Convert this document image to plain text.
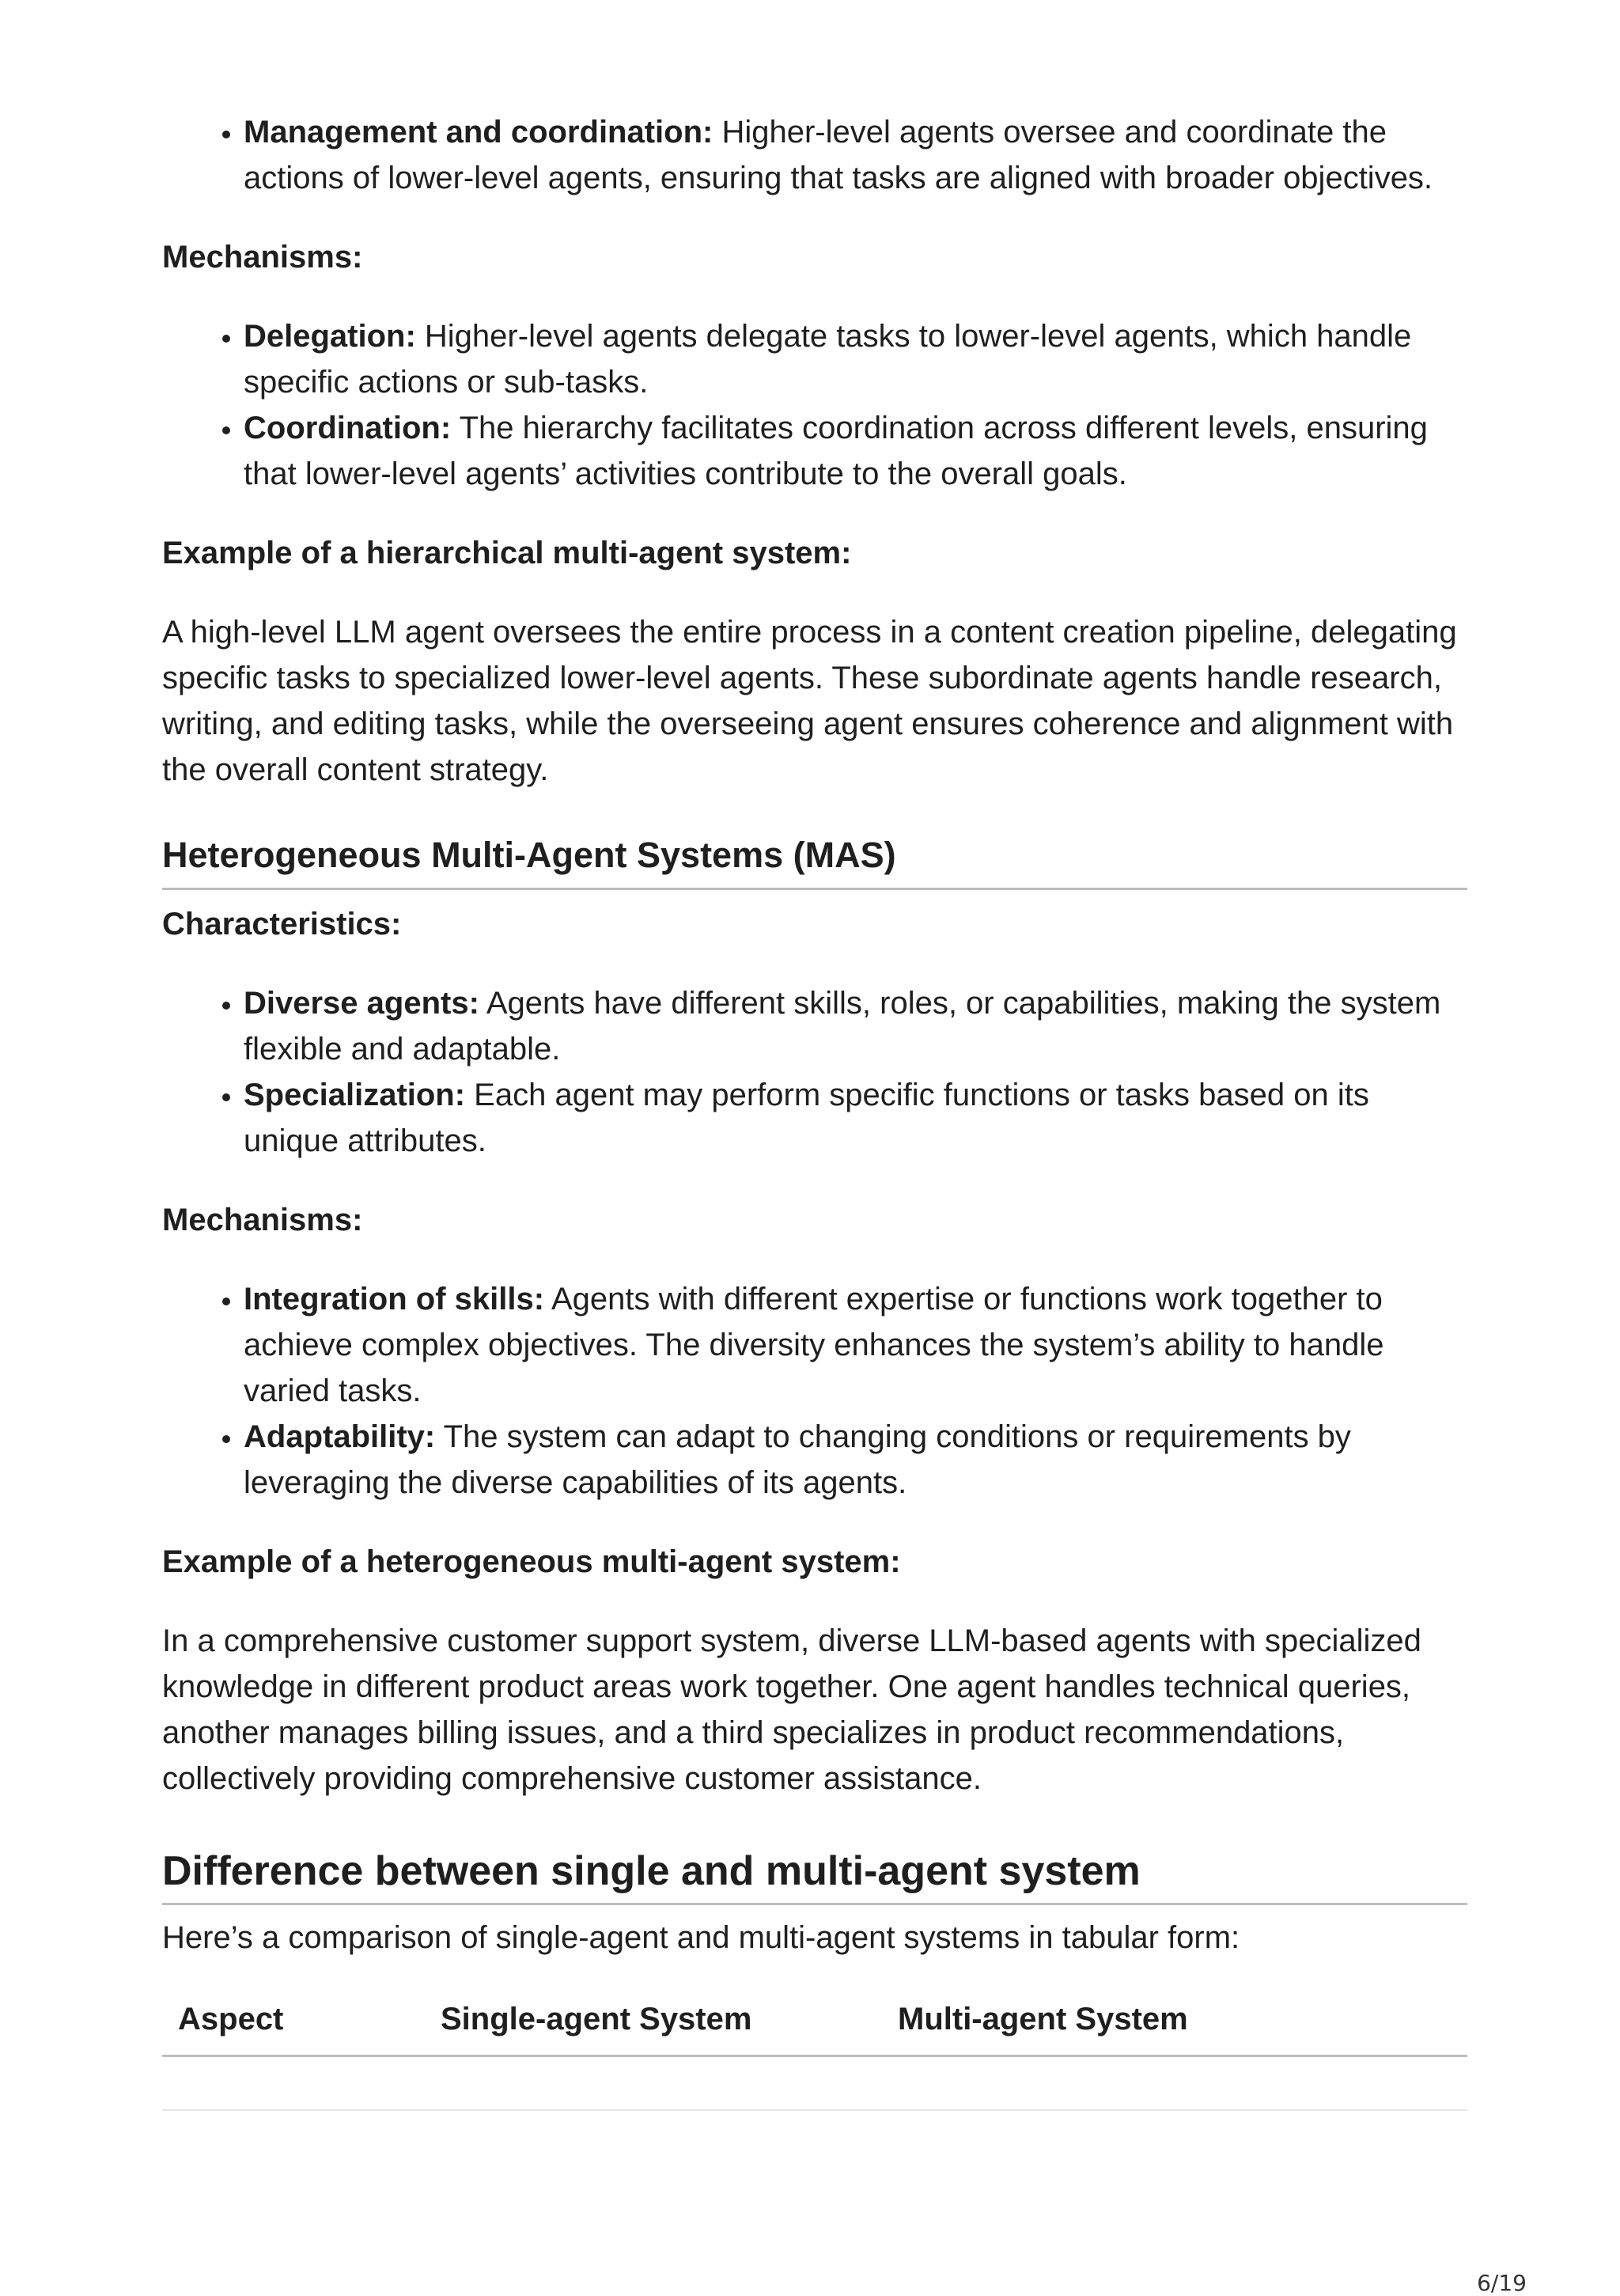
• Management and coordination: Higher-level agents oversee and coordinate the actions of lower-level agents, ensuring that tasks are aligned with broader objectives.

Mechanisms:

• Delegation: Higher-level agents delegate tasks to lower-level agents, which handle specific actions or sub-tasks.
• Coordination: The hierarchy facilitates coordination across different levels, ensuring that lower-level agents’ activities contribute to the overall goals.

Example of a hierarchical multi-agent system:

A high-level LLM agent oversees the entire process in a content creation pipeline, delegating specific tasks to specialized lower-level agents. These subordinate agents handle research, writing, and editing tasks, while the overseeing agent ensures coherence and alignment with the overall content strategy.

Heterogeneous Multi-Agent Systems (MAS)

Characteristics:

• Diverse agents: Agents have different skills, roles, or capabilities, making the system flexible and adaptable.
• Specialization: Each agent may perform specific functions or tasks based on its unique attributes.

Mechanisms:

• Integration of skills: Agents with different expertise or functions work together to achieve complex objectives. The diversity enhances the system’s ability to handle varied tasks.
• Adaptability: The system can adapt to changing conditions or requirements by leveraging the diverse capabilities of its agents.

Example of a heterogeneous multi-agent system:

In a comprehensive customer support system, diverse LLM-based agents with specialized knowledge in different product areas work together. One agent handles technical queries, another manages billing issues, and a third specializes in product recommendations, collectively providing comprehensive customer assistance.

Difference between single and multi-agent system

Here’s a comparison of single-agent and multi-agent systems in tabular form:

Aspect	Single-agent System	Multi-agent System

6/19
